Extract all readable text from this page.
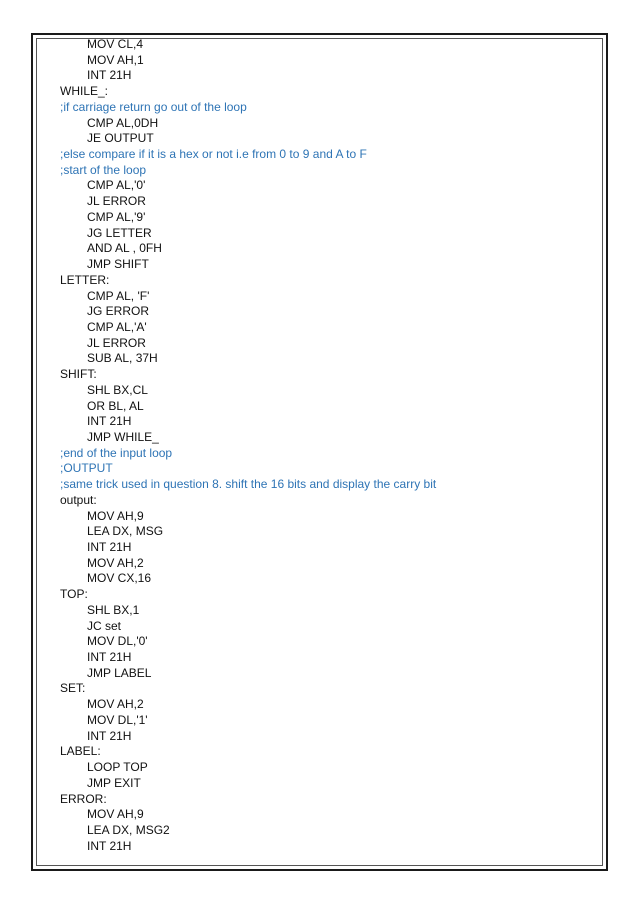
MOV CL,4
MOV AH,1
INT 21H
WHILE_:
;if carriage return go out of the loop
CMP AL,0DH
JE OUTPUT
;else compare if it is a hex or not i.e from 0 to 9 and A to F
;start of the loop
CMP AL,'0'
JL ERROR
CMP AL,'9'
JG LETTER
AND AL , 0FH
JMP SHIFT
LETTER:
CMP AL, 'F'
JG ERROR
CMP AL,'A'
JL ERROR
SUB AL, 37H
SHIFT:
SHL BX,CL
OR BL, AL
INT 21H
JMP WHILE_
;end of the input loop
;OUTPUT
;same trick used in question 8. shift the 16 bits and display the carry bit
output:
MOV AH,9
LEA DX, MSG
INT 21H
MOV AH,2
MOV CX,16
TOP:
SHL BX,1
JC set
MOV DL,'0'
INT 21H
JMP LABEL
SET:
MOV AH,2
MOV DL,'1'
INT 21H
LABEL:
LOOP TOP
JMP EXIT
ERROR:
MOV AH,9
LEA DX, MSG2
INT 21H
